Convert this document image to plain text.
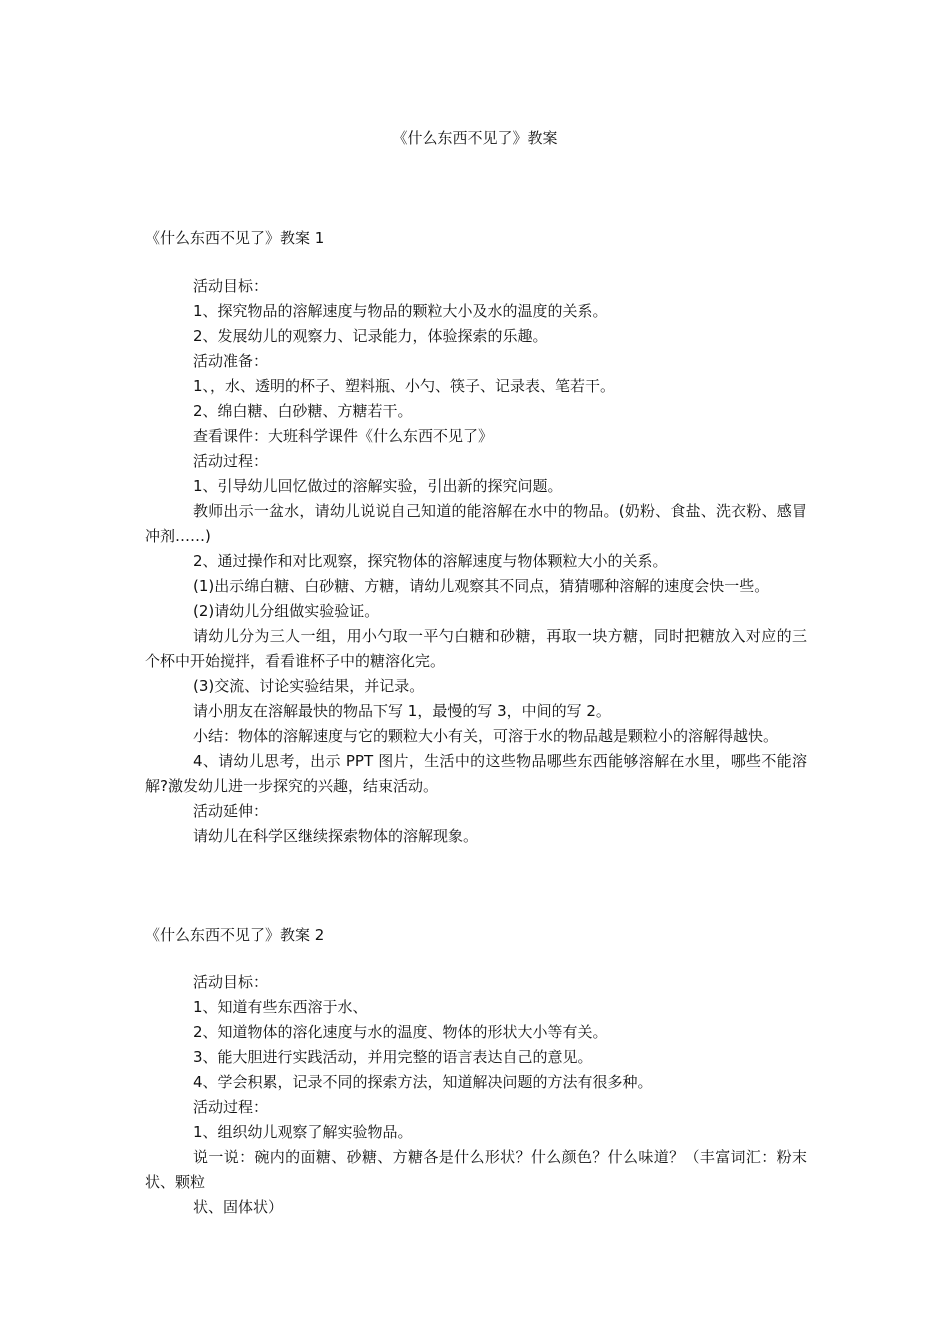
《什么东西不见了》教案
《什么东西不见了》教案 1

活动目标：

1、探究物品的溶解速度与物品的颗粒大小及水的温度的关系。

2、发展幼儿的观察力、记录能力，体验探索的乐趣。

活动准备：

1、，水、透明的杯子、塑料瓶、小勺、筷子、记录表、笔若干。

2、绵白糖、白砂糖、方糖若干。

查看课件：大班科学课件《什么东西不见了》

活动过程：

1、引导幼儿回忆做过的溶解实验，引出新的探究问题。

教师出示一盆水，请幼儿说说自己知道的能溶解在水中的物品。(奶粉、食盐、洗衣粉、感冒冲剂……)

2、通过操作和对比观察，探究物体的溶解速度与物体颗粒大小的关系。

(1)出示绵白糖、白砂糖、方糖，请幼儿观察其不同点，猜猜哪种溶解的速度会快一些。

(2)请幼儿分组做实验验证。

请幼儿分为三人一组，用小勺取一平勺白糖和砂糖，再取一块方糖，同时把糖放入对应的三个杯中开始搅拌，看看谁杯子中的糖溶化完。

(3)交流、讨论实验结果，并记录。

请小朋友在溶解最快的物品下写 1，最慢的写 3，中间的写 2。

小结：物体的溶解速度与它的颗粒大小有关，可溶于水的物品越是颗粒小的溶解得越快。

4、请幼儿思考，出示 PPT 图片，生活中的这些物品哪些东西能够溶解在水里，哪些不能溶解?激发幼儿进一步探究的兴趣，结束活动。

活动延伸：

请幼儿在科学区继续探索物体的溶解现象。

《什么东西不见了》教案 2

活动目标：

1、知道有些东西溶于水、

2、知道物体的溶化速度与水的温度、物体的形状大小等有关。

3、能大胆进行实践活动，并用完整的语言表达自己的意见。

4、学会积累，记录不同的探索方法，知道解决问题的方法有很多种。

活动过程：

1、组织幼儿观察了解实验物品。

说一说：碗内的面糖、砂糖、方糖各是什么形状？什么颜色？什么味道？（丰富词汇：粉末状、颗粒

状、固体状）
